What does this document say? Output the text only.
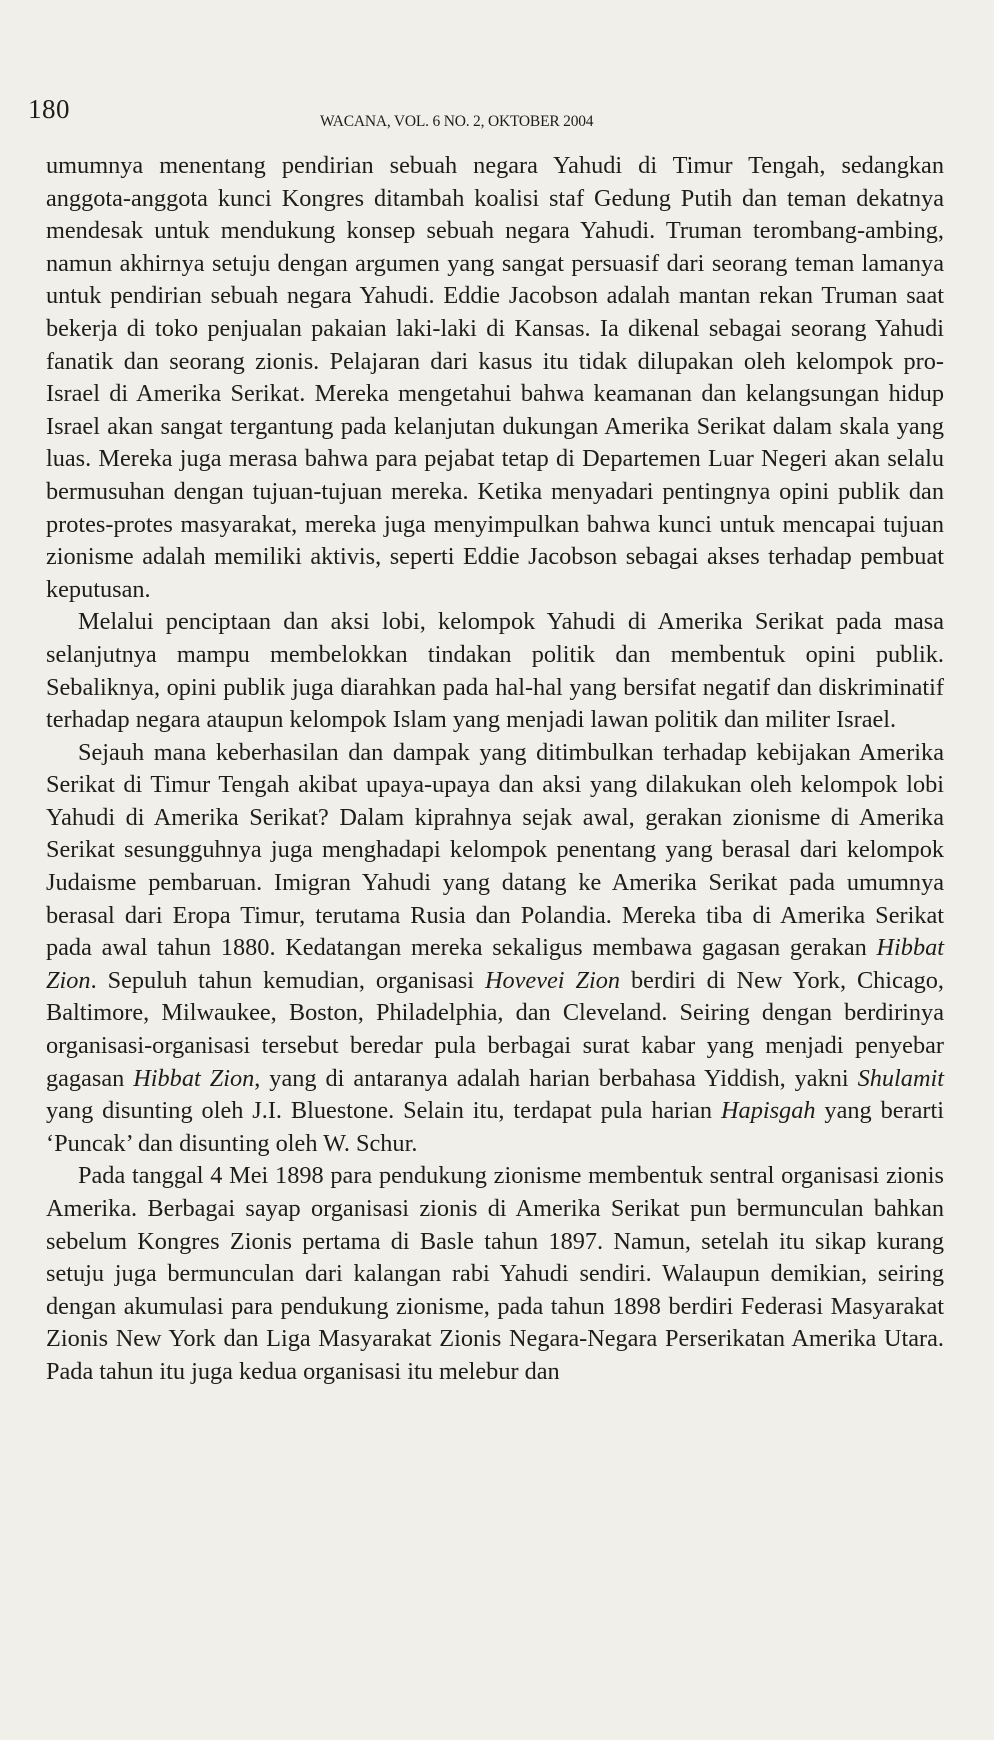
180	WACANA, VOL. 6 NO. 2, OKTOBER 2004

umumnya menentang pendirian sebuah negara Yahudi di Timur Tengah, sedangkan anggota-anggota kunci Kongres ditambah koalisi staf Gedung Putih dan teman dekatnya mendesak untuk mendukung konsep sebuah negara Yahudi. Truman terombang-ambing, namun akhirnya setuju dengan argumen yang sangat persuasif dari seorang teman lamanya untuk pendirian sebuah negara Yahudi. Eddie Jacobson adalah mantan rekan Truman saat bekerja di toko penjualan pakaian laki-laki di Kansas. Ia dikenal sebagai seorang Yahudi fanatik dan seorang zionis. Pelajaran dari kasus itu tidak dilupakan oleh kelompok pro-Israel di Amerika Serikat. Mereka mengetahui bahwa keamanan dan kelangsungan hidup Israel akan sangat tergantung pada kelanjutan dukungan Amerika Serikat dalam skala yang luas. Mereka juga merasa bahwa para pejabat tetap di Departemen Luar Negeri akan selalu bermusuhan dengan tujuan-tujuan mereka. Ketika menyadari pentingnya opini publik dan protes-protes masyarakat, mereka juga menyimpulkan bahwa kunci untuk mencapai tujuan zionisme adalah memiliki aktivis, seperti Eddie Jacobson sebagai akses terhadap pembuat keputusan.

Melalui penciptaan dan aksi lobi, kelompok Yahudi di Amerika Serikat pada masa selanjutnya mampu membelokkan tindakan politik dan membentuk opini publik. Sebaliknya, opini publik juga diarahkan pada hal-hal yang bersifat negatif dan diskriminatif terhadap negara ataupun kelompok Islam yang menjadi lawan politik dan militer Israel.

Sejauh mana keberhasilan dan dampak yang ditimbulkan terhadap kebijakan Amerika Serikat di Timur Tengah akibat upaya-upaya dan aksi yang dilakukan oleh kelompok lobi Yahudi di Amerika Serikat? Dalam kiprahnya sejak awal, gerakan zionisme di Amerika Serikat sesungguhnya juga menghadapi kelompok penentang yang berasal dari kelompok Judaisme pembaruan. Imigran Yahudi yang datang ke Amerika Serikat pada umumnya berasal dari Eropa Timur, terutama Rusia dan Polandia. Mereka tiba di Amerika Serikat pada awal tahun 1880. Kedatangan mereka sekaligus membawa gagasan gerakan Hibbat Zion. Sepuluh tahun kemudian, organisasi Hovevei Zion berdiri di New York, Chicago, Baltimore, Milwaukee, Boston, Philadelphia, dan Cleveland. Seiring dengan berdirinya organisasi-organisasi tersebut beredar pula berbagai surat kabar yang menjadi penyebar gagasan Hibbat Zion, yang di antaranya adalah harian berbahasa Yiddish, yakni Shulamit yang disunting oleh J.I. Bluestone. Selain itu, terdapat pula harian Hapisgah yang berarti ‘Puncak’ dan disunting oleh W. Schur.

Pada tanggal 4 Mei 1898 para pendukung zionisme membentuk sentral organisasi zionis Amerika. Berbagai sayap organisasi zionis di Amerika Serikat pun bermunculan bahkan sebelum Kongres Zionis pertama di Basle tahun 1897. Namun, setelah itu sikap kurang setuju juga bermunculan dari kalangan rabi Yahudi sendiri. Walaupun demikian, seiring dengan akumulasi para pendukung zionisme, pada tahun 1898 berdiri Federasi Masyarakat Zionis New York dan Liga Masyarakat Zionis Negara-Negara Perserikatan Amerika Utara. Pada tahun itu juga kedua organisasi itu melebur dan
